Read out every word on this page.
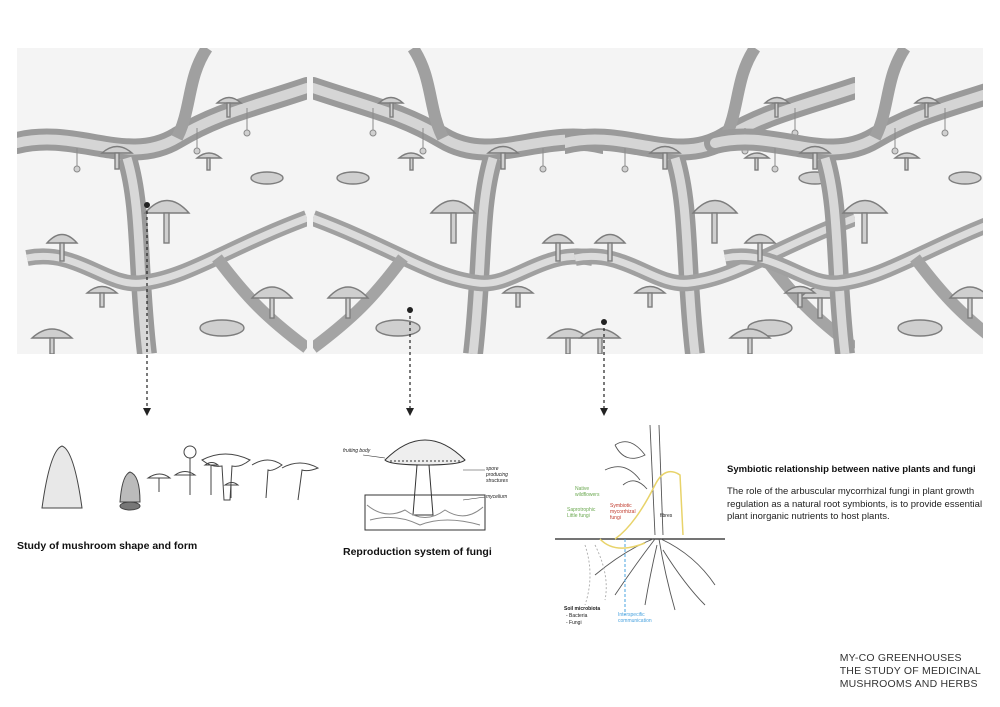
Study of mushroom shape and form
fruiting body
spore producing structures
mycelium
Reproduction system of fungi
Native wildflowers
Saprotrophic Little fungi
Symbiotic mycorrhizal fungi	fibres
Soil microbiota
- Bacteria
- Fungi
Interspecific communication
Symbiotic relationship between native plants and fungi
The role of the arbuscular mycorrhizal fungi in plant growth regulation as a natural root symbionts, is to provide essential plant inorganic nutrients to host plants.
MY-CO GREENHOUSES
THE STUDY OF MEDICINAL
MUSHROOMS AND HERBS
